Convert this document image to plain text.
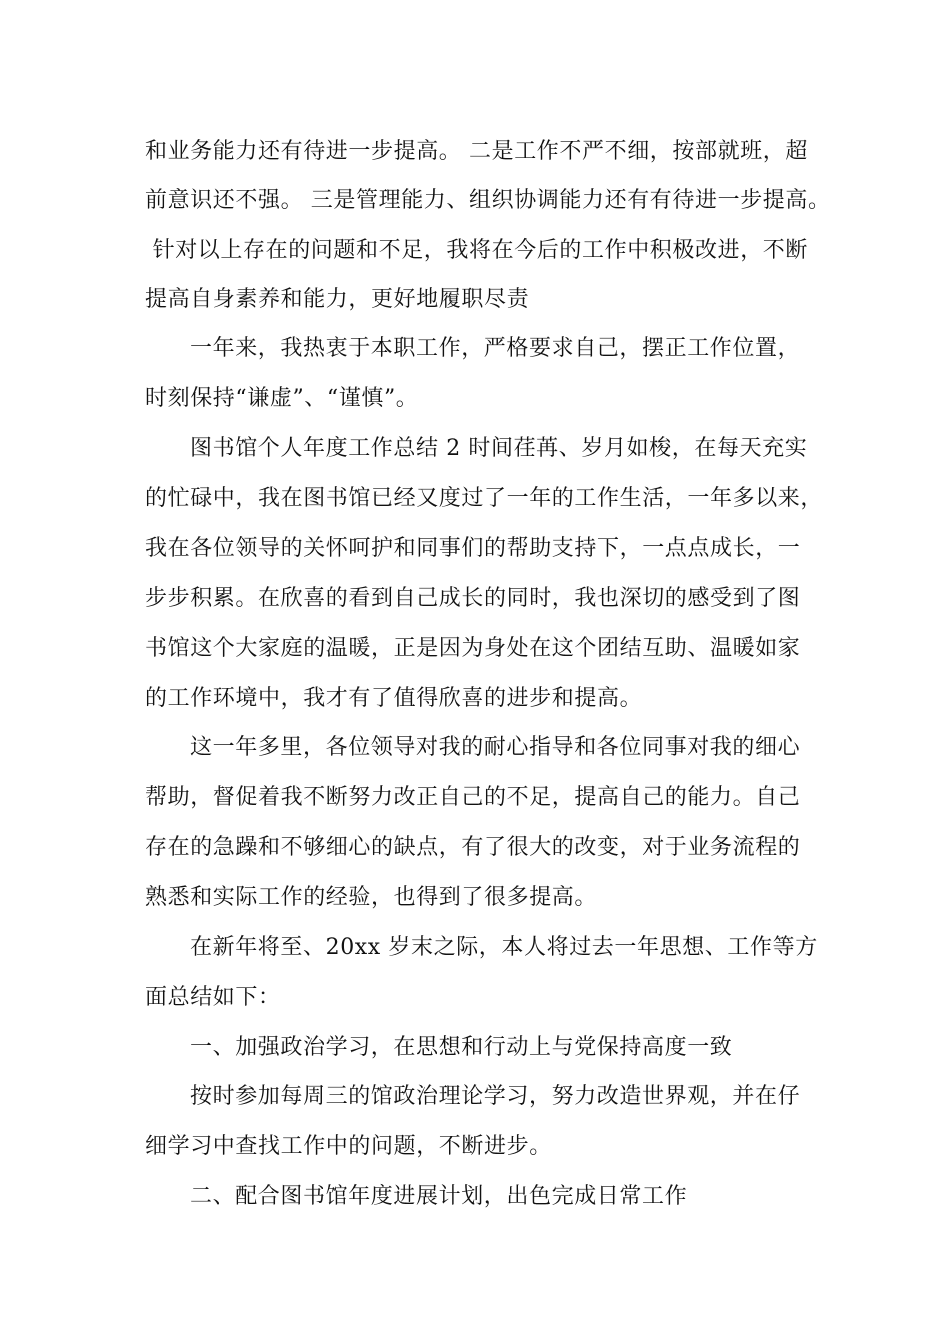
和业务能力还有待进一步提高。 二是工作不严不细，按部就班，超
前意识还不强。 三是管理能力、组织协调能力还有有待进一步提高。
针对以上存在的问题和不足，我将在今后的工作中积极改进，不断
提高自身素养和能力，更好地履职尽责
一年来，我热衷于本职工作，严格要求自己，摆正工作位置，
时刻保持“谦虚”、“谨慎”。
图书馆个人年度工作总结 2 时间荏苒、岁月如梭，在每天充实
的忙碌中，我在图书馆已经又度过了一年的工作生活，一年多以来，
我在各位领导的关怀呵护和同事们的帮助支持下，一点点成长，一
步步积累。在欣喜的看到自己成长的同时，我也深切的感受到了图
书馆这个大家庭的温暖，正是因为身处在这个团结互助、温暖如家
的工作环境中，我才有了值得欣喜的进步和提高。
这一年多里，各位领导对我的耐心指导和各位同事对我的细心
帮助，督促着我不断努力改正自己的不足，提高自己的能力。自己
存在的急躁和不够细心的缺点，有了很大的改变，对于业务流程的
熟悉和实际工作的经验，也得到了很多提高。
在新年将至、20xx 岁末之际，本人将过去一年思想、工作等方
面总结如下：
一、加强政治学习，在思想和行动上与党保持高度一致
按时参加每周三的馆政治理论学习，努力改造世界观，并在仔
细学习中查找工作中的问题，不断进步。
二、配合图书馆年度进展计划，出色完成日常工作
